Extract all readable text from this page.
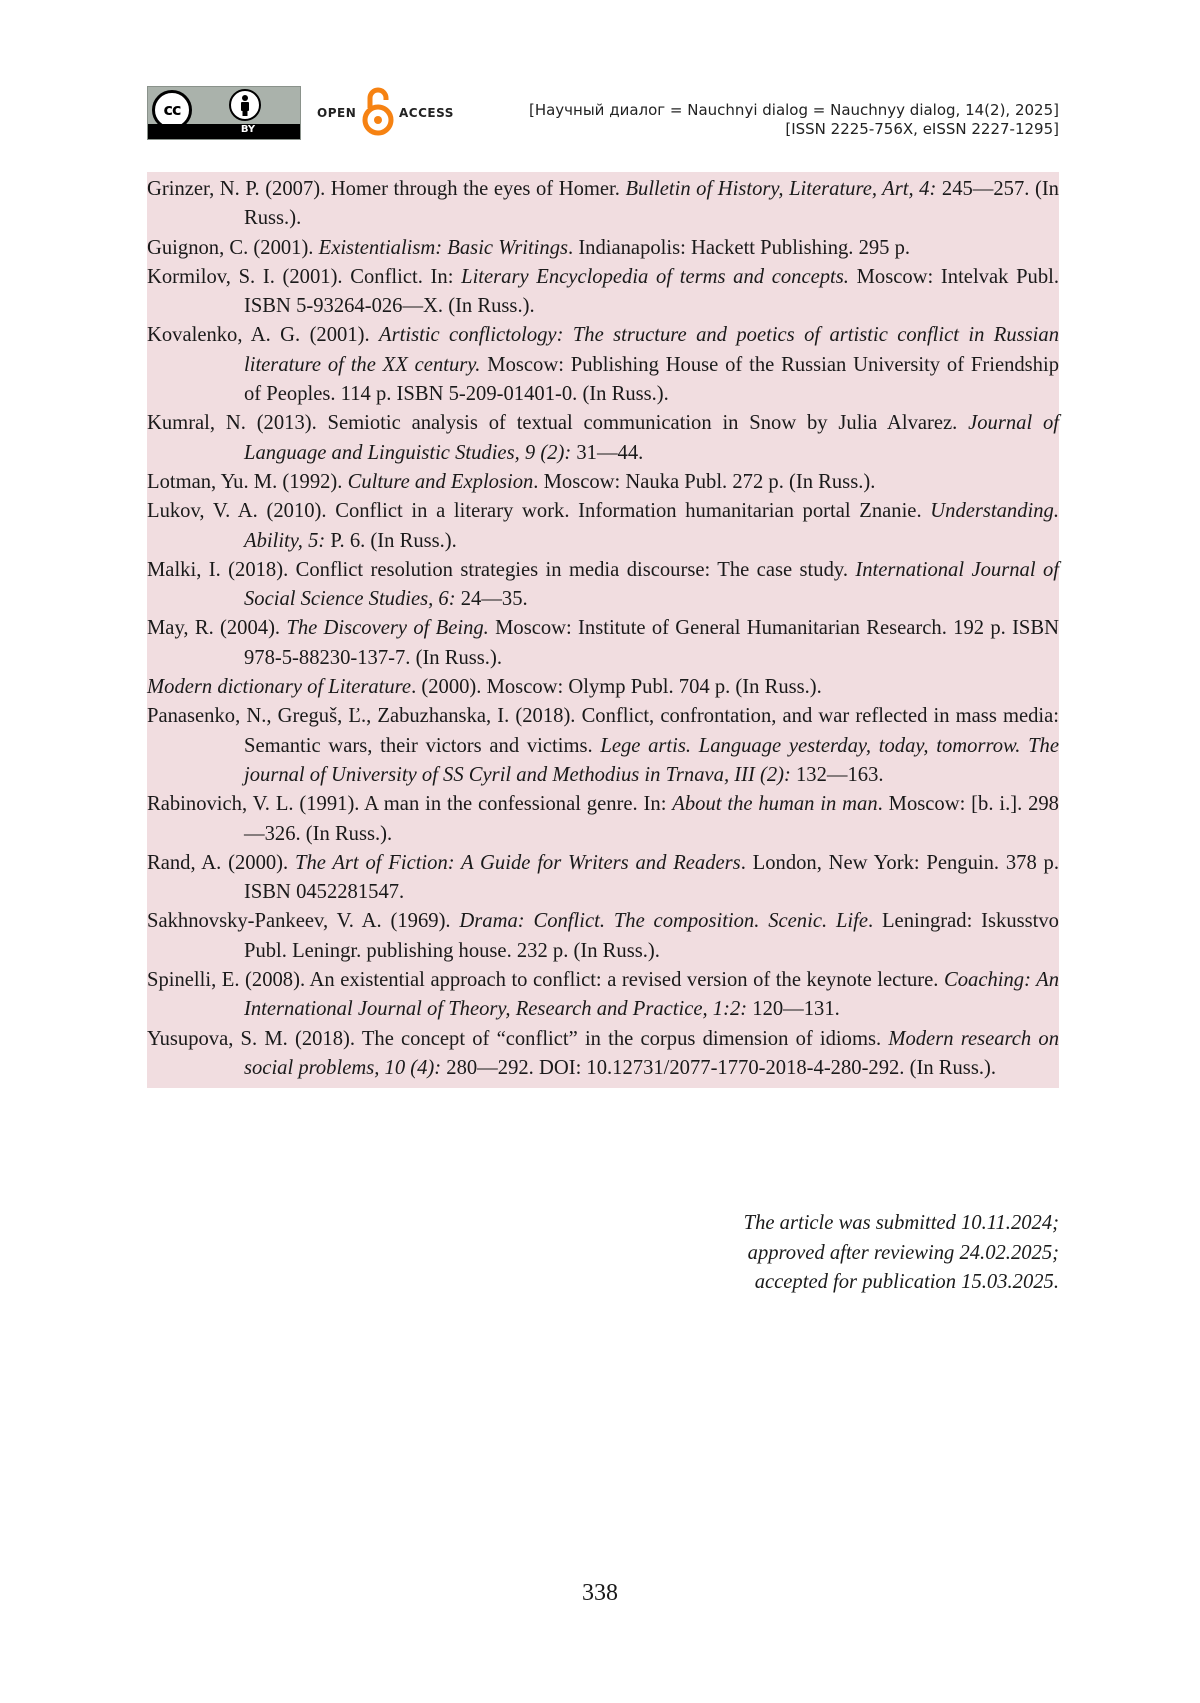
cc
BY
OPEN	ACCESS	[Научный диалог = Nauchnyi dialog = Nauchnyy dialog, 14(2), 2025]
[ISSN 2225-756X, eISSN 2227-1295]
Grinzer, N. P. (2007). Homer through the eyes of Homer. Bulletin of History, Literature, Art, 4: 245—257. (In Russ.).
Guignon, C. (2001). Existentialism: Basic Writings. Indianapolis: Hackett Publishing. 295 p.
Kormilov, S. I. (2001). Conflict. In: Literary Encyclopedia of terms and concepts. Moscow: Intelvak Publ. ISBN 5-93264-026—X. (In Russ.).
Kovalenko, A. G. (2001). Artistic conflictology: The structure and poetics of artistic conflict in Russian literature of the XX century. Moscow: Publishing House of the Russian University of Friendship of Peoples. 114 p. ISBN 5-209-01401-0. (In Russ.).
Kumral, N. (2013). Semiotic analysis of textual communication in Snow by Julia Alvarez. Journal of Language and Linguistic Studies, 9 (2): 31—44.
Lotman, Yu. M. (1992). Culture and Explosion. Moscow: Nauka Publ. 272 p. (In Russ.).
Lukov, V. A. (2010). Conflict in a literary work. Information humanitarian portal Znanie. Understanding. Ability, 5: P. 6. (In Russ.).
Malki, I. (2018). Conflict resolution strategies in media discourse: The case study. International Journal of Social Science Studies, 6: 24—35.
May, R. (2004). The Discovery of Being. Moscow: Institute of General Humanitarian Research. 192 p. ISBN 978-5-88230-137-7. (In Russ.).
Modern dictionary of Literature. (2000). Moscow: Olymp Publ. 704 p. (In Russ.).
Panasenko, N., Greguš, Ľ., Zabuzhanska, I. (2018). Conflict, confrontation, and war reflected in mass media: Semantic wars, their victors and victims. Lege artis. Language yesterday, today, tomorrow. The journal of University of SS Cyril and Methodius in Trnava, III (2): 132—163.
Rabinovich, V. L. (1991). A man in the confessional genre. In: About the human in man. Moscow: [b. i.]. 298—326. (In Russ.).
Rand, A. (2000). The Art of Fiction: A Guide for Writers and Readers. London, New York: Penguin. 378 p. ISBN 0452281547.
Sakhnovsky-Pankeev, V. A. (1969). Drama: Conflict. The composition. Scenic. Life. Leningrad: Iskusstvo Publ. Leningr. publishing house. 232 p. (In Russ.).
Spinelli, E. (2008). An existential approach to conflict: a revised version of the keynote lecture. Coaching: An International Journal of Theory, Research and Practice, 1:2: 120—131.
Yusupova, S. M. (2018). The concept of “conflict” in the corpus dimension of idioms. Modern research on social problems, 10 (4): 280—292. DOI: 10.12731/2077-1770-2018-4-280-292. (In Russ.).
The article was submitted 10.11.2024;
approved after reviewing 24.02.2025;
accepted for publication 15.03.2025.
338
